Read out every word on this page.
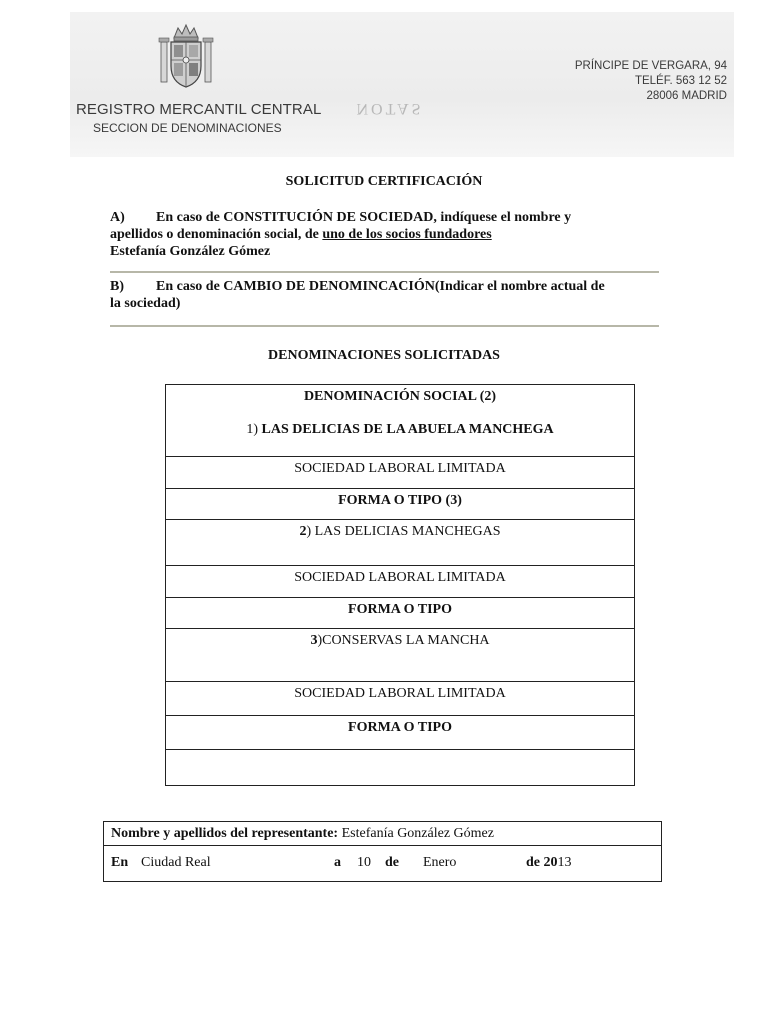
REGISTRO MERCANTIL CENTRAL
SECCION DE DENOMINACIONES
NOTAS
PRÍNCIPE DE VERGARA, 94
TELÉF. 563 12 52
28006 MADRID
SOLICITUD CERTIFICACIÓN
A) En caso de CONSTITUCIÓN DE SOCIEDAD, indíquese el nombre y
apellidos o denominación social, de uno de los socios fundadores
Estefanía González Gómez
B) En caso de CAMBIO DE DENOMINCACIÓN(Indicar el nombre actual de
la sociedad)
DENOMINACIONES SOLICITADAS
DENOMINACIÓN SOCIAL (2)
1) LAS DELICIAS DE LA ABUELA MANCHEGA

SOCIEDAD LABORAL LIMITADA
FORMA O TIPO (3)
2) LAS DELICIAS MANCHEGAS
SOCIEDAD LABORAL LIMITADA
FORMA O TIPO
3)CONSERVAS LA MANCHA
SOCIEDAD LABORAL LIMITADA
FORMA O TIPO

Nombre y apellidos del representante: Estefanía González Gómez

En Ciudad Real	a 10 de Enero	de 2013
